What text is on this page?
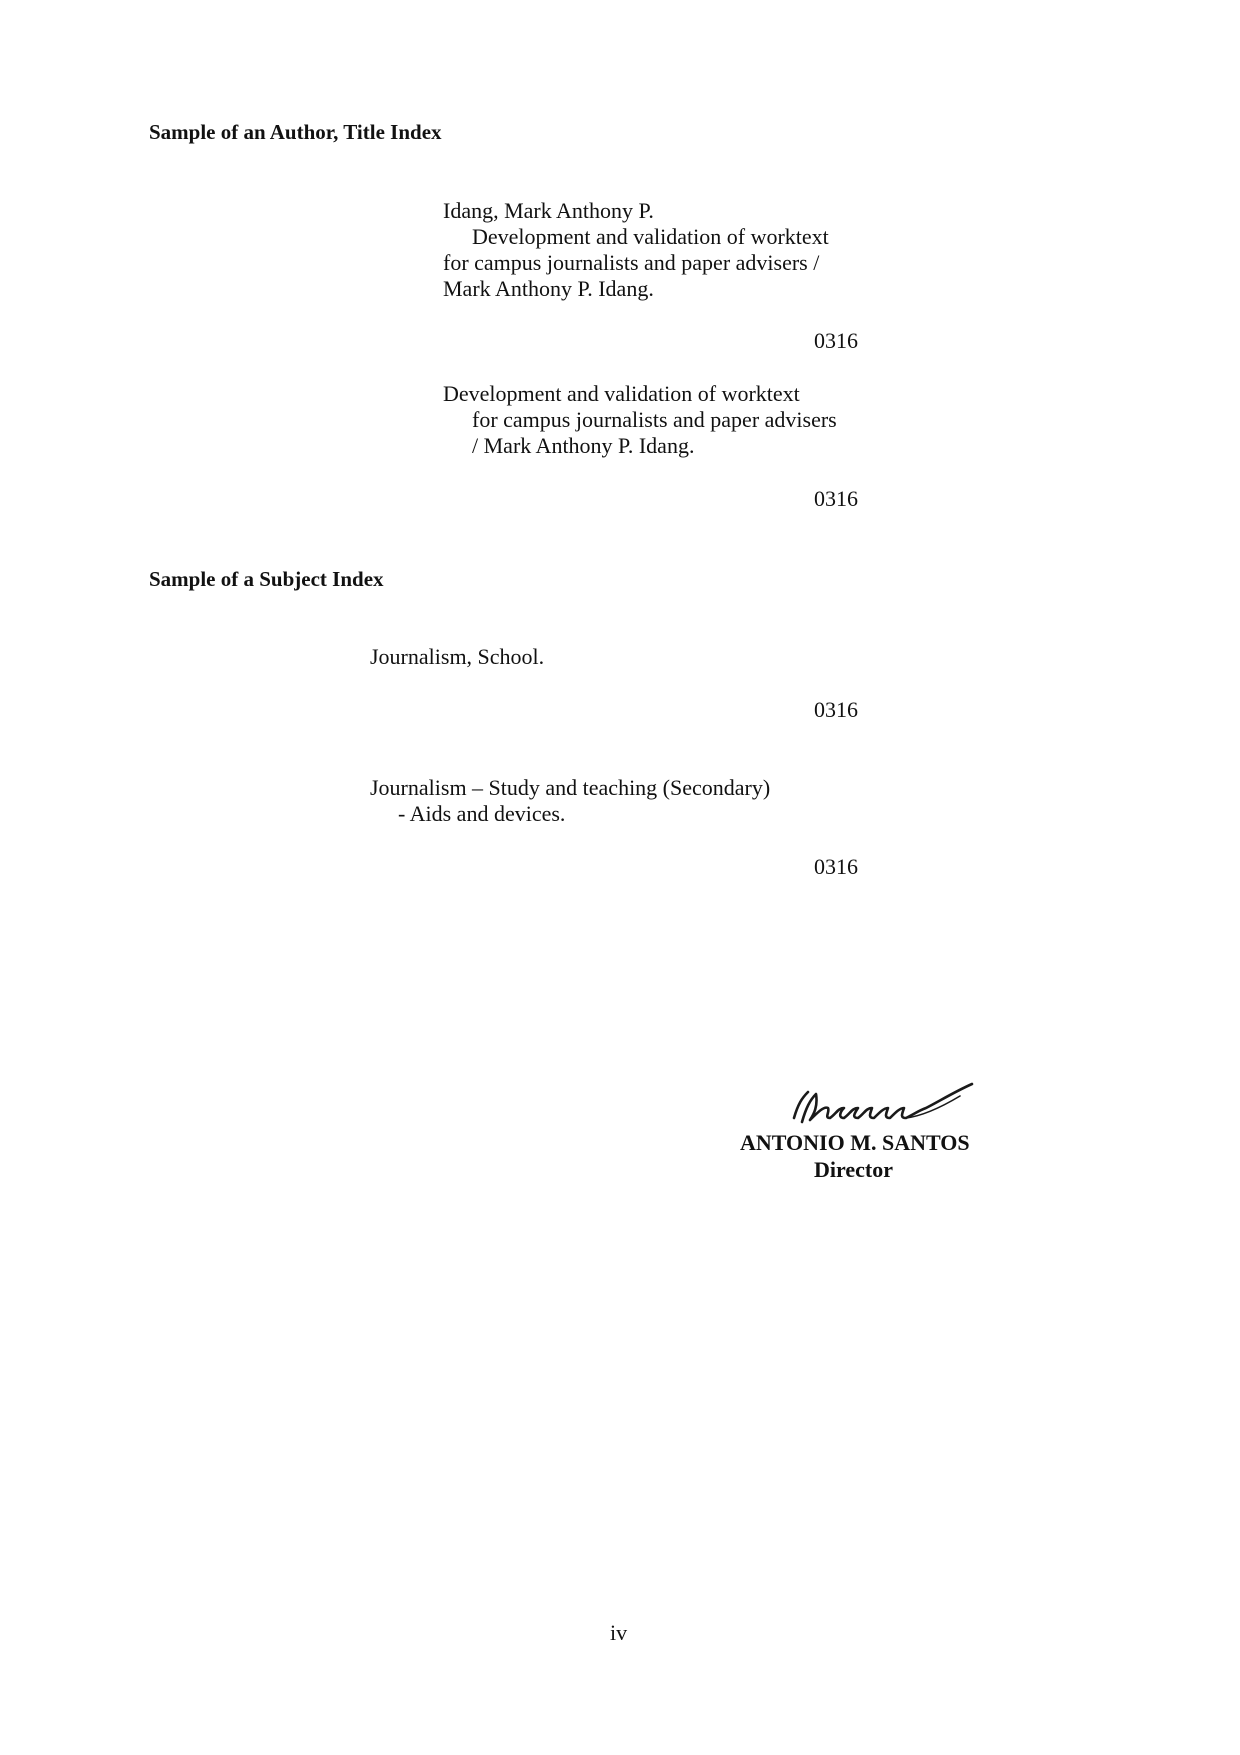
Sample of an Author, Title Index
Idang, Mark Anthony P.
Development and validation of worktext
for campus journalists and paper advisers /
Mark Anthony P. Idang.
0316
Development and validation of worktext
for campus journalists and paper advisers
/ Mark Anthony P. Idang.
0316
Sample of a Subject Index
Journalism, School.
0316
Journalism – Study and teaching (Secondary)
- Aids and devices.
0316
ANTONIO M. SANTOS
Director
iv
